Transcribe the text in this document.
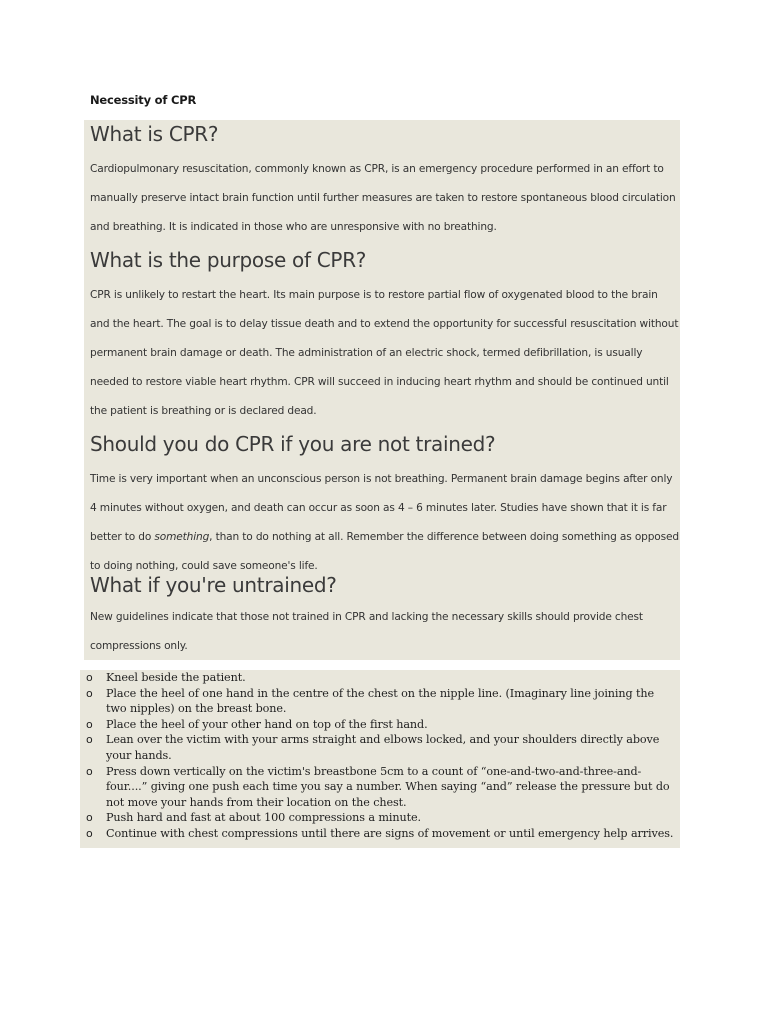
Necessity of CPR
What is CPR?

Cardiopulmonary resuscitation, commonly known as CPR, is an emergency procedure performed in an effort to manually preserve intact brain function until further measures are taken to restore spontaneous blood circulation and breathing. It is indicated in those who are unresponsive with no breathing.

What is the purpose of CPR?

CPR is unlikely to restart the heart. Its main purpose is to restore partial flow of oxygenated blood to the brain and the heart. The goal is to delay tissue death and to extend the opportunity for successful resuscitation without permanent brain damage or death. The administration of an electric shock, termed defibrillation, is usually needed to restore viable heart rhythm. CPR will succeed in inducing heart rhythm and should be continued until the patient is breathing or is declared dead.

Should you do CPR if you are not trained?

Time is very important when an unconscious person is not breathing. Permanent brain damage begins after only 4 minutes without oxygen, and death can occur as soon as 4 – 6 minutes later. Studies have shown that it is far better to do something, than to do nothing at all. Remember the difference between doing something as opposed to doing nothing, could save someone's life.

What if you're untrained?

New guidelines indicate that those not trained in CPR and lacking the necessary skills should provide chest compressions only.

o Kneel beside the patient.
o Place the heel of one hand in the centre of the chest on the nipple line. (Imaginary line joining the two nipples) on the breast bone.
o Place the heel of your other hand on top of the first hand.
o Lean over the victim with your arms straight and elbows locked, and your shoulders directly above your hands.
o Press down vertically on the victim's breastbone 5cm to a count of “one-and-two-and-three-and-four....” giving one push each time you say a number. When saying “and” release the pressure but do not move your hands from their location on the chest.
o Push hard and fast at about 100 compressions a minute.
o Continue with chest compressions until there are signs of movement or until emergency help arrives.
